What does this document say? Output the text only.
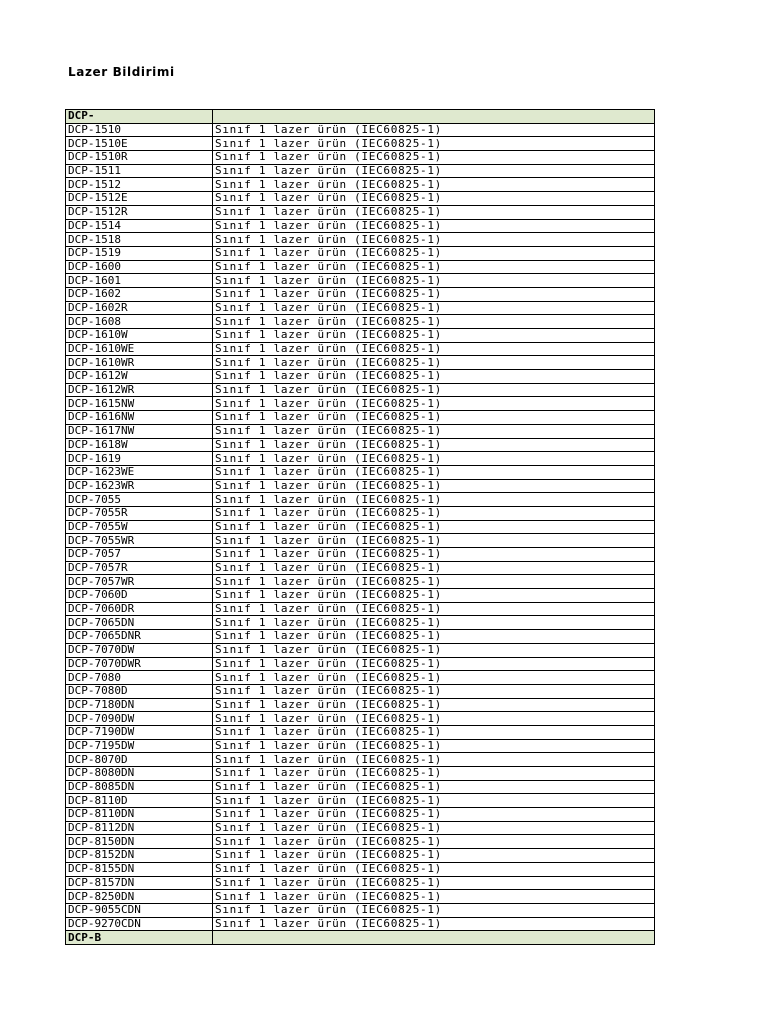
Lazer Bildirimi
DCP-	
DCP-1510	Sınıf 1 lazer ürün (IEC60825-1)
DCP-1510E	Sınıf 1 lazer ürün (IEC60825-1)
DCP-1510R	Sınıf 1 lazer ürün (IEC60825-1)
DCP-1511	Sınıf 1 lazer ürün (IEC60825-1)
DCP-1512	Sınıf 1 lazer ürün (IEC60825-1)
DCP-1512E	Sınıf 1 lazer ürün (IEC60825-1)
DCP-1512R	Sınıf 1 lazer ürün (IEC60825-1)
DCP-1514	Sınıf 1 lazer ürün (IEC60825-1)
DCP-1518	Sınıf 1 lazer ürün (IEC60825-1)
DCP-1519	Sınıf 1 lazer ürün (IEC60825-1)
DCP-1600	Sınıf 1 lazer ürün (IEC60825-1)
DCP-1601	Sınıf 1 lazer ürün (IEC60825-1)
DCP-1602	Sınıf 1 lazer ürün (IEC60825-1)
DCP-1602R	Sınıf 1 lazer ürün (IEC60825-1)
DCP-1608	Sınıf 1 lazer ürün (IEC60825-1)
DCP-1610W	Sınıf 1 lazer ürün (IEC60825-1)
DCP-1610WE	Sınıf 1 lazer ürün (IEC60825-1)
DCP-1610WR	Sınıf 1 lazer ürün (IEC60825-1)
DCP-1612W	Sınıf 1 lazer ürün (IEC60825-1)
DCP-1612WR	Sınıf 1 lazer ürün (IEC60825-1)
DCP-1615NW	Sınıf 1 lazer ürün (IEC60825-1)
DCP-1616NW	Sınıf 1 lazer ürün (IEC60825-1)
DCP-1617NW	Sınıf 1 lazer ürün (IEC60825-1)
DCP-1618W	Sınıf 1 lazer ürün (IEC60825-1)
DCP-1619	Sınıf 1 lazer ürün (IEC60825-1)
DCP-1623WE	Sınıf 1 lazer ürün (IEC60825-1)
DCP-1623WR	Sınıf 1 lazer ürün (IEC60825-1)
DCP-7055	Sınıf 1 lazer ürün (IEC60825-1)
DCP-7055R	Sınıf 1 lazer ürün (IEC60825-1)
DCP-7055W	Sınıf 1 lazer ürün (IEC60825-1)
DCP-7055WR	Sınıf 1 lazer ürün (IEC60825-1)
DCP-7057	Sınıf 1 lazer ürün (IEC60825-1)
DCP-7057R	Sınıf 1 lazer ürün (IEC60825-1)
DCP-7057WR	Sınıf 1 lazer ürün (IEC60825-1)
DCP-7060D	Sınıf 1 lazer ürün (IEC60825-1)
DCP-7060DR	Sınıf 1 lazer ürün (IEC60825-1)
DCP-7065DN	Sınıf 1 lazer ürün (IEC60825-1)
DCP-7065DNR	Sınıf 1 lazer ürün (IEC60825-1)
DCP-7070DW	Sınıf 1 lazer ürün (IEC60825-1)
DCP-7070DWR	Sınıf 1 lazer ürün (IEC60825-1)
DCP-7080	Sınıf 1 lazer ürün (IEC60825-1)
DCP-7080D	Sınıf 1 lazer ürün (IEC60825-1)
DCP-7180DN	Sınıf 1 lazer ürün (IEC60825-1)
DCP-7090DW	Sınıf 1 lazer ürün (IEC60825-1)
DCP-7190DW	Sınıf 1 lazer ürün (IEC60825-1)
DCP-7195DW	Sınıf 1 lazer ürün (IEC60825-1)
DCP-8070D	Sınıf 1 lazer ürün (IEC60825-1)
DCP-8080DN	Sınıf 1 lazer ürün (IEC60825-1)
DCP-8085DN	Sınıf 1 lazer ürün (IEC60825-1)
DCP-8110D	Sınıf 1 lazer ürün (IEC60825-1)
DCP-8110DN	Sınıf 1 lazer ürün (IEC60825-1)
DCP-8112DN	Sınıf 1 lazer ürün (IEC60825-1)
DCP-8150DN	Sınıf 1 lazer ürün (IEC60825-1)
DCP-8152DN	Sınıf 1 lazer ürün (IEC60825-1)
DCP-8155DN	Sınıf 1 lazer ürün (IEC60825-1)
DCP-8157DN	Sınıf 1 lazer ürün (IEC60825-1)
DCP-8250DN	Sınıf 1 lazer ürün (IEC60825-1)
DCP-9055CDN	Sınıf 1 lazer ürün (IEC60825-1)
DCP-9270CDN	Sınıf 1 lazer ürün (IEC60825-1)
DCP-B	
